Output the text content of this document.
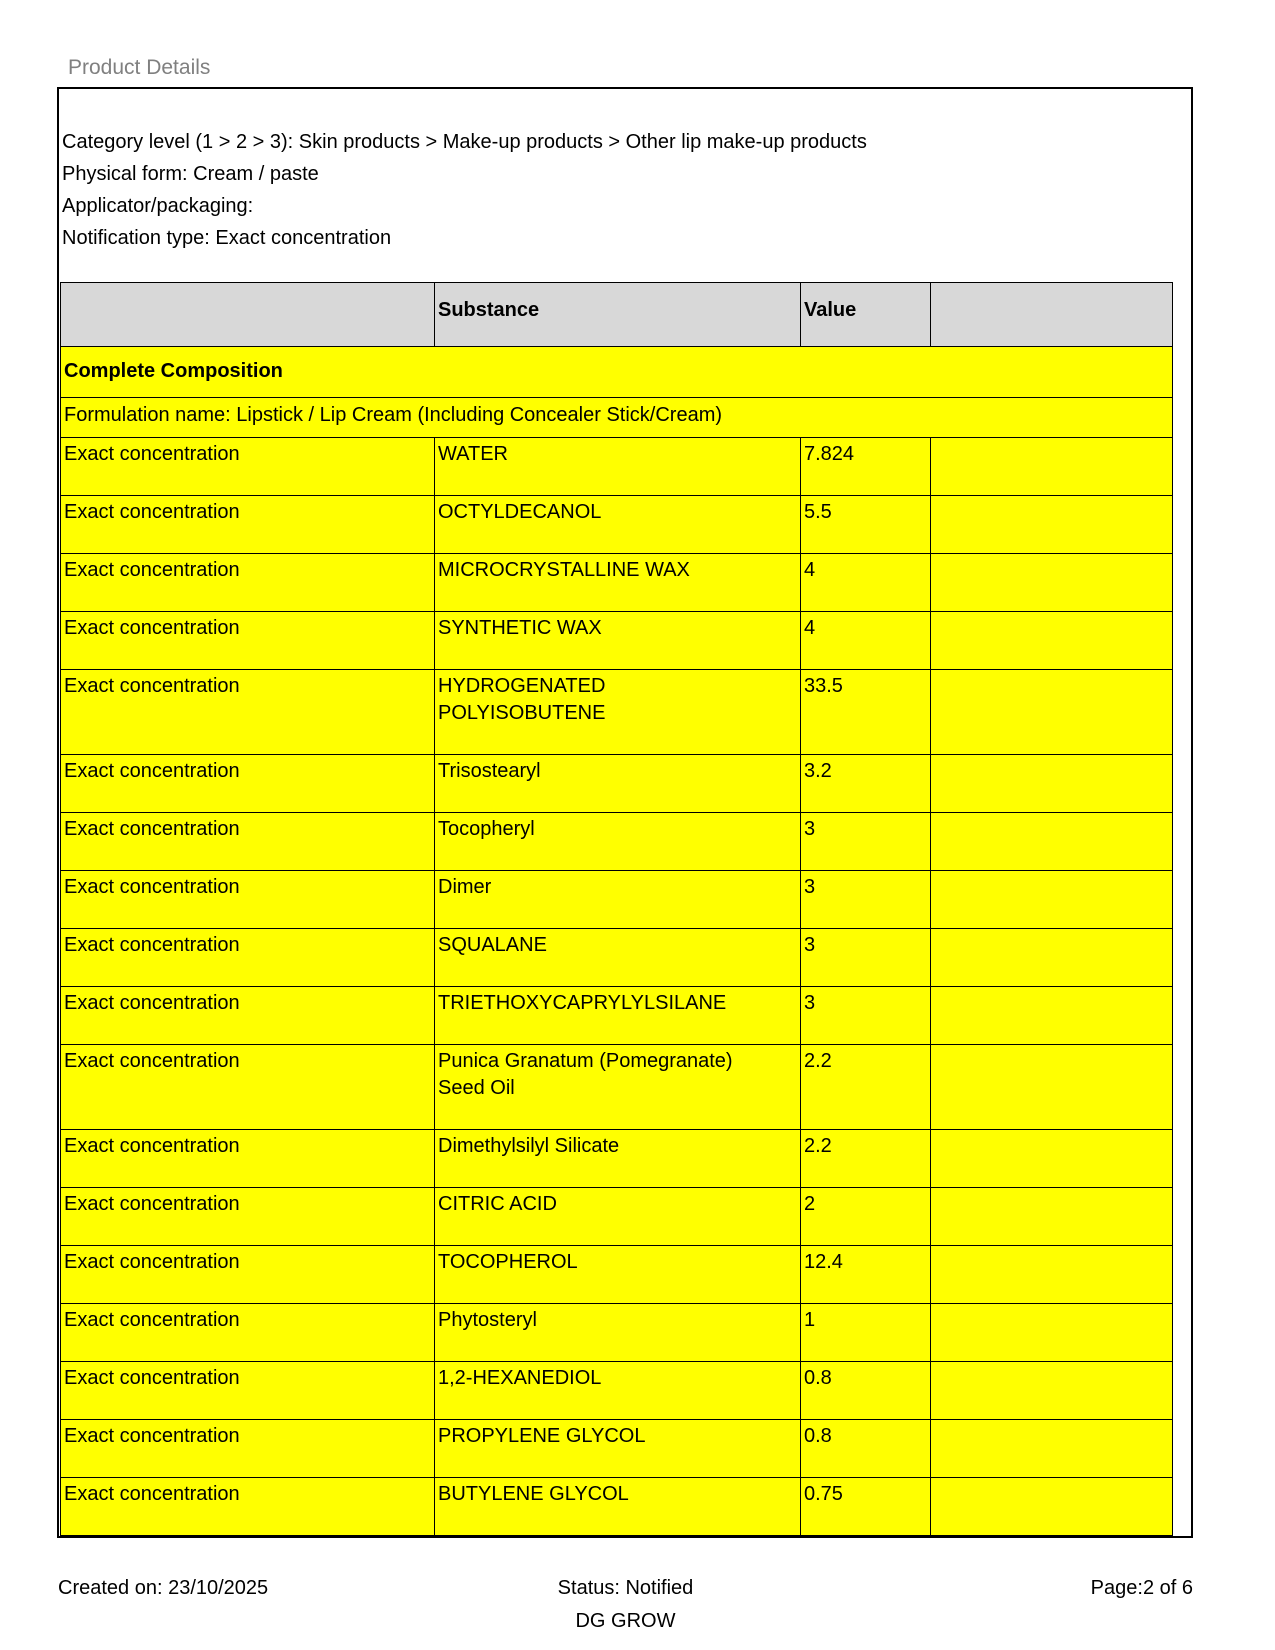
Product Details
Category level (1 > 2 > 3): Skin products > Make-up products > Other lip make-up products
Physical form: Cream / paste
Applicator/packaging:
Notification type: Exact concentration
	Substance	Value	
Complete Composition			
Formulation name: Lipstick / Lip Cream (Including Concealer Stick/Cream)			
Exact concentration	WATER	7.824	
Exact concentration	OCTYLDECANOL	5.5	
Exact concentration	MICROCRYSTALLINE WAX	4	
Exact concentration	SYNTHETIC WAX	4	
Exact concentration	HYDROGENATED POLYISOBUTENE	33.5	
Exact concentration	Trisostearyl	3.2	
Exact concentration	Tocopheryl	3	
Exact concentration	Dimer	3	
Exact concentration	SQUALANE	3	
Exact concentration	TRIETHOXYCAPRYLYLSILANE	3	
Exact concentration	Punica Granatum (Pomegranate) Seed Oil	2.2	
Exact concentration	Dimethylsilyl Silicate	2.2	
Exact concentration	CITRIC ACID	2	
Exact concentration	TOCOPHEROL	12.4	
Exact concentration	Phytosteryl	1	
Exact concentration	1,2-HEXANEDIOL	0.8	
Exact concentration	PROPYLENE GLYCOL	0.8	
Exact concentration	BUTYLENE GLYCOL	0.75	
Created on: 23/10/2025	Status: Notified
DG GROW
Page:2 of 6
